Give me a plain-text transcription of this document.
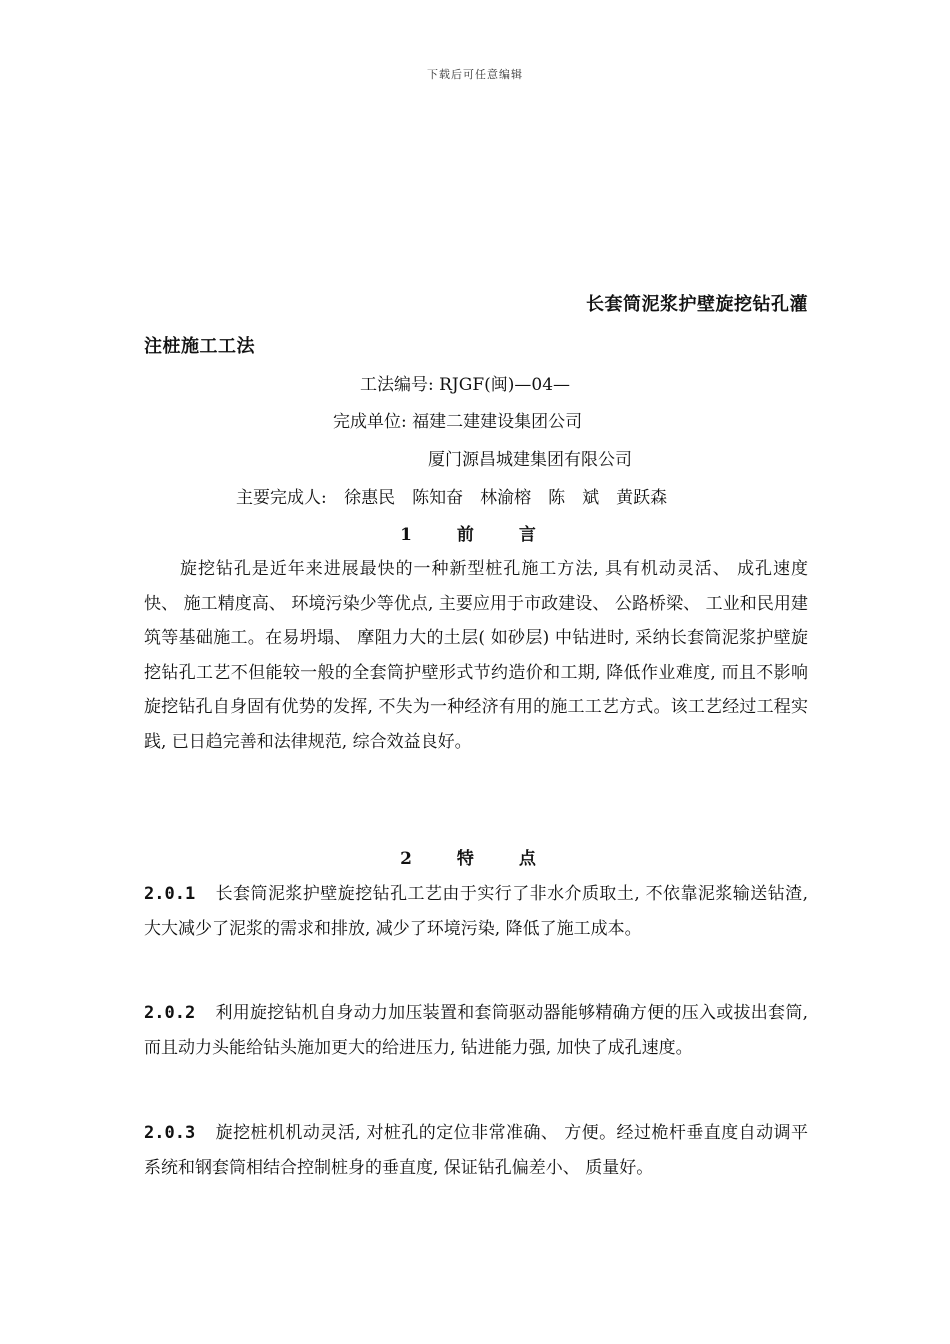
下载后可任意编辑
长套筒泥浆护壁旋挖钻孔灌
注桩施工工法
工法编号: RJGF(闽)—04—
完成单位: 福建二建建设集团公司
厦门源昌城建集团有限公司
主要完成人: 徐惠民　陈知奋　林渝榕　陈　斌　黄跃森
1　前　言
旋挖钻孔是近年来进展最快的一种新型桩孔施工方法, 具有机动灵活、 成孔速度快、 施工精度高、 环境污染少等优点, 主要应用于市政建设、 公路桥梁、 工业和民用建筑等基础施工。在易坍塌、 摩阻力大的土层( 如砂层) 中钻进时, 采纳长套筒泥浆护壁旋挖钻孔工艺不但能较一般的全套筒护壁形式节约造价和工期, 降低作业难度, 而且不影响旋挖钻孔自身固有优势的发挥, 不失为一种经济有用的施工工艺方式。该工艺经过工程实践, 已日趋完善和法律规范, 综合效益良好。
2　特　点
2.0.1 长套筒泥浆护壁旋挖钻孔工艺由于实行了非水介质取土, 不依靠泥浆输送钻渣, 大大减少了泥浆的需求和排放, 减少了环境污染, 降低了施工成本。
2.0.2 利用旋挖钻机自身动力加压装置和套筒驱动器能够精确方便的压入或拔出套筒, 而且动力头能给钻头施加更大的给进压力, 钻进能力强, 加快了成孔速度。
2.0.3 旋挖桩机机动灵活, 对桩孔的定位非常准确、 方便。经过桅杆垂直度自动调平系统和钢套筒相结合控制桩身的垂直度, 保证钻孔偏差小、 质量好。
